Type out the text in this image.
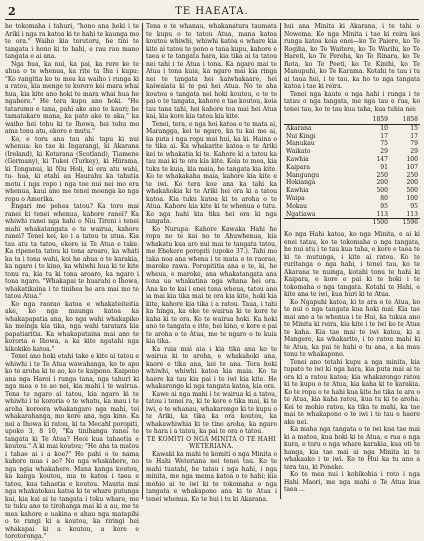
2	TE HAEATA.

he tokomaha i tahuri, "hono ana heki i te Ariki i nga ra katoa ki te hahi te kaunga mo te ora." Waiho kia torutoru, he tini te tangata i hono ki te hahi, e rau rau mano tangata e ai ana.

Nga hua, ka nui, ka pai, ka rere ke te ahua o te whenua, ka rite ta Ihu i kupu: "Ko rangitia ko te mea ka waiho i runga ki a ratou, kia menge te korero kei mara whai hua, kia kite ano hoki te mara whai hua he ngahere." He tera kupu ano hoki. "He tatarumu e tana, pahi ake ano te kauri; he tamatakaro mana, ka pato ake te aka," ka waiho hei tohu ki te Ihowa, hei tohu mo ama tonu atu, ekore e mutu."

Ko, e toru ana tau ahi tapu ki nui whenua: ko tae ki Ingarangi, ki Akarana (Ireland), ki Kotarana (Scotland), Tiamene (Germany), ki Tukei (Turkey), ki Hiirama, ki Tonganui, ki Niu Holi, ki era atu wahi, tu- hua, ki etahi au Haurahu ka tahutia motu i nga ropo i nga toe nui nei mo era whenua, kaui ano me tenei moenga ko nga ropu o Amerika.

Engari me pehea tatou? Ka toro mai ranei ki tenei whenua, kahore ranei? Ka whiwhi ranei nga hahi o Niu Tireni i tenei mahi whakatangata o te wairua, kahore ranei? Tenei kei, ko i a tatou te utua. Kia tau atu ta tatou, ekore ia Te Atua e take. Ka ripeneta tatou ki tona aroaro, ka whati ka ta i tona wahi, koi he ahua o te karakia, ka ngaro i te kino, ka whiwhi hua ki te kite tonu ra, kia tu ki tona aroaro, ka ngaro i tona ngaro. "Whakapai te huarahi o Ihowa, whakatikaina i te tinihea he ara mai mo te tatou Atua."

Ko nga raorao katoa e whakateiteitia ake, ko nga maunga katoa ka whakapapatia ana, ko nga wahi whakapiko ka meinga kia tika, nga wahi taratara kia papatiaritia. Ka whakaputaina mai ano te kororia o Ihowa, a ka kite ngatahi nga kikokiko katoa."

Tenei ano hoki etahi take e kite ai tatou e whiwhi i te Te Atua wawahanga, ko te apo ko te aroha ki te ao, ko te kaipono. Kaipono ana nga Haroi i runga tana, nga tahuri ki nga mea o te ao nei, kia mahi i te wairua. Tena te ngaro ai tatou, kia ngaro ki te whiwhi i te kororia o te whatu, ka mau i te aroha koreora whakangaro nga mahi, tei whakarahanga, mo kore ana, nga kino. Ka nui a Ihowa ki ratou, ki ta Mecahl poropiti, upoko 3, 8 10, "Ka tinihanga ranei te tangata ki Te Atua? Heoi kua tahaetia e koutou." A ki mai koutou; "He aha ta matou i tahae ai i a koe?" He pahi o te nama kahore mua i ao? No nga whakahere, no nga ngia whakahere. Mana kanga koutou, ka kanga koutou, ma te katoa i taea e tatou, kua tahaetia e koutou. Mauria mai nga whakatekau katoa ki te whare putunga kai, kia kai ai te tangata i toku whare, me te tuku ano te tirohanga mai ki a au, me te mea kahore e uakina e ahau nga matapihi o te rangi ki a koutou, ka riringi hei whakapai ki a koutou, a kore e torotoronga."

Tena e te whanau, whakanatura taumata te kupu o te tatou Atua, mana katoa koutou whiwhi, whiwhi katoa e whare kia kite ai tatou te pono o tana kupu, kahore e taea e te tangata hara, kia tika ai ta tatou nei tahi i te Atua i tona. Ka ngaro mai te Atua i tona kuia, ka ngaro mai kia ringa nei te tangata hei kaiwhakaaro, hei kaiwaiata ki te pai hei Atua. No te aha koutou e tangata nei hoki koutou, o te te pai o te tangata, kahore e tae koutou, koia tau tana tahi, hei kahore toa mai hei Atua kai, kia kore kia tatou kia kite.

Tenei, tera, e nga hoi katoa e te mata ai, Marangga, kei te ngaro, ka tu kai me ai, ka puta i nga ropu mai hui, ka ki. Haina o te tika ai. Ka whakarite katoa o te Ariki kei te whakatia ki te. Kahore ki a tatou ka tau mai ki te ora kia kite. Koia te mea, kia tuku te kuia, kia maia, he tangata kia kite. Ko te whakakaha maia, kahore kia kite e te iwi. Ko tera koe ana ka tahi ka whakahokia ki te Ariki hei ora ki a tatou katoa. Kia tuku katoa ki te aroha o te Atua. Kahore kia kite ki te whenua e tutu. Ko nga hahi kia tika hei ora ki nga tangata.

Ko Nurupa: Kahore Kawaka Hahi he ropu no te kai no te Ahuwhenua, kia whakatu kua aro nui mai te tangata tatou, me Ehekere poropiti (upoko 37.). Tahi mo taka noa ana whena i te mata o te raorao, maroke rawa. Poropititia ana e te, ki, he wheua, e maroke, ana whakatangata ana tona ua whakatina nga whana hei ora. Ana ko te kai i enei tona wheua, tatou ano ia mai kia tika mai te ora kia kite, hoki kia kite, kahore kia tika i a ratou. Taua, i tahi ka hinga, ka eke te wairua ki te kore te kaha ki te ora. Ko te wairua hoki. Ka hoki ano te tangata e rite, hei kino, e kore e pai te aroha o te Atua, me te ngaro o te kuia kia tika.

Ka ruia mai aia i kia tika ana ko te wairua ki te aroha, e whakahoki ana, kaore e tika ana, kei te ana. Tera hoki whiwhi, whiwhi katoa kia maia. Ko te haere ka tau kia pai i te iwi kia kite. He whakarongo ki nga tangata katoa, kia ora.

Kawe ai nga mahi i te wairua ki a tatou, tatou i tenei ra, ki te kore e tika mai, ki te iwi, e te whanau, whakarongo ki te kupu o te Ariki, ka tika ka ora koutou, ka whakawhiwhia ki te tino aroha, ka ngaro te hara i a tatou, ka pai te ora o tatou.

TE KOMITI O NGA MINITA O TE HAHI WETERIANA.

Kawaki ka mahi te komiti o nga Minita o te Hahi Weteriana nei tenei tau. Ko te mahi tuatahi, he tatau i nga hahi, i nga minita, me nga mema katoa o te hahi; kia mohio ai te iwi ki te tokomaha o nga tangata e whakapono ana ki te Atua i tenei whenua. Ko te hui i tu ki Akarana.

hui ana Minita ki Akarana, i te tahi o Nowema. Ko nga Minita i tae ki reira kei runga katoa koia enei—ko Te Paiere, ko Te Rogiha, ko Te Waitere, ko Te Warihi, ko Te Hareti, ko Te Pereha, ko Te Rinara, ko Te Rota, ko Te Peeti, ko Te Kinihi, ko Te Manupuhi, ko Te Karama. Kotahi te tau i tu ai taua hui, i te tau, ka ho to nga tangata katoa i tae ki reira.

Tenei nga kaute o nga hahi i runga i te tatau o nga tangata, me nga tau e rua, ko tenei tau, ko te tau kua taha, kua tuhia nei:

	1859	1858
Akarana	10	15
Nui Kingi	17	17
Manukau	75	79
Waikato	29	29
Kawhia	147	100
Kaipara	91	107
Mangungu	250	250
Hokianga	200	200
Kawhia	500	500
Waipa	80	100
Mokau	95	95
Ngatiawa	113	113
	1500	1596

Ko nga Hahi katoa, ko nga Minita, e ai ki enei tatau, ko te tokomaha o nga tangata, he nui atu i te tau kua taha, e kore e taea te ki te mutunga, i kite ai ratou. Ko te ruritanga o nga hahi, i tenei tau, ko te Akarana te nuinga, kotahi tonu te hahi ki Kaipara, e kore e pai ki te hoki i te tokomaha o nga tangata. Kotahi te Hahi, e kite ana te iwi, kua huri ki te Atua.

Ko Ngapuhi katoa, ki te ara o te Atua, ko te nui o nga tangata kua hoki mai. Kia tae mai ano a te whenua i te Hui, ka tukua ano te Minita ki reira, kia kite i te iwi ko te Atua te kaha. Kia tae mai te iwi katoa, ki a Mangere, ka whakarite, i to ratou mahi ki te Atua, ka pai te hahi e tu ana, a ka mau tonu te whakapono.

Tenei ano tetahi kupu a nga minita, kia tupato te iwi ki nga hara, kia puta mai ai te ora ki a ratou katoa; kia whakarongo ratou ki te kupu o te Atua, kia kaha ki te karakia. Ko te ropu o te hahi kua kite he tika te ara o te Atua, kia kaha ratou, kua tu ki te aroha. Kei te mohio ratou, ka tika te mahi, ka tae mai te whakapono o te iwi i te tau e haere ake nei.

Ka maha nga tangata o te iwi kua tae mai ki a matou, kua hoki ki te Atua, e rua o nga kura, e toru o nga whare karakia, kua oti te hanga, kia tae mai ai nga Minita ki te whakaako i te iwi. Ko te Hui ka tu ano a tera tau, ki Poneke.

Ko te mea nui i kohikohia i roto i nga Hahi Maori, me nga mahi o Te Atua kua taea ...
